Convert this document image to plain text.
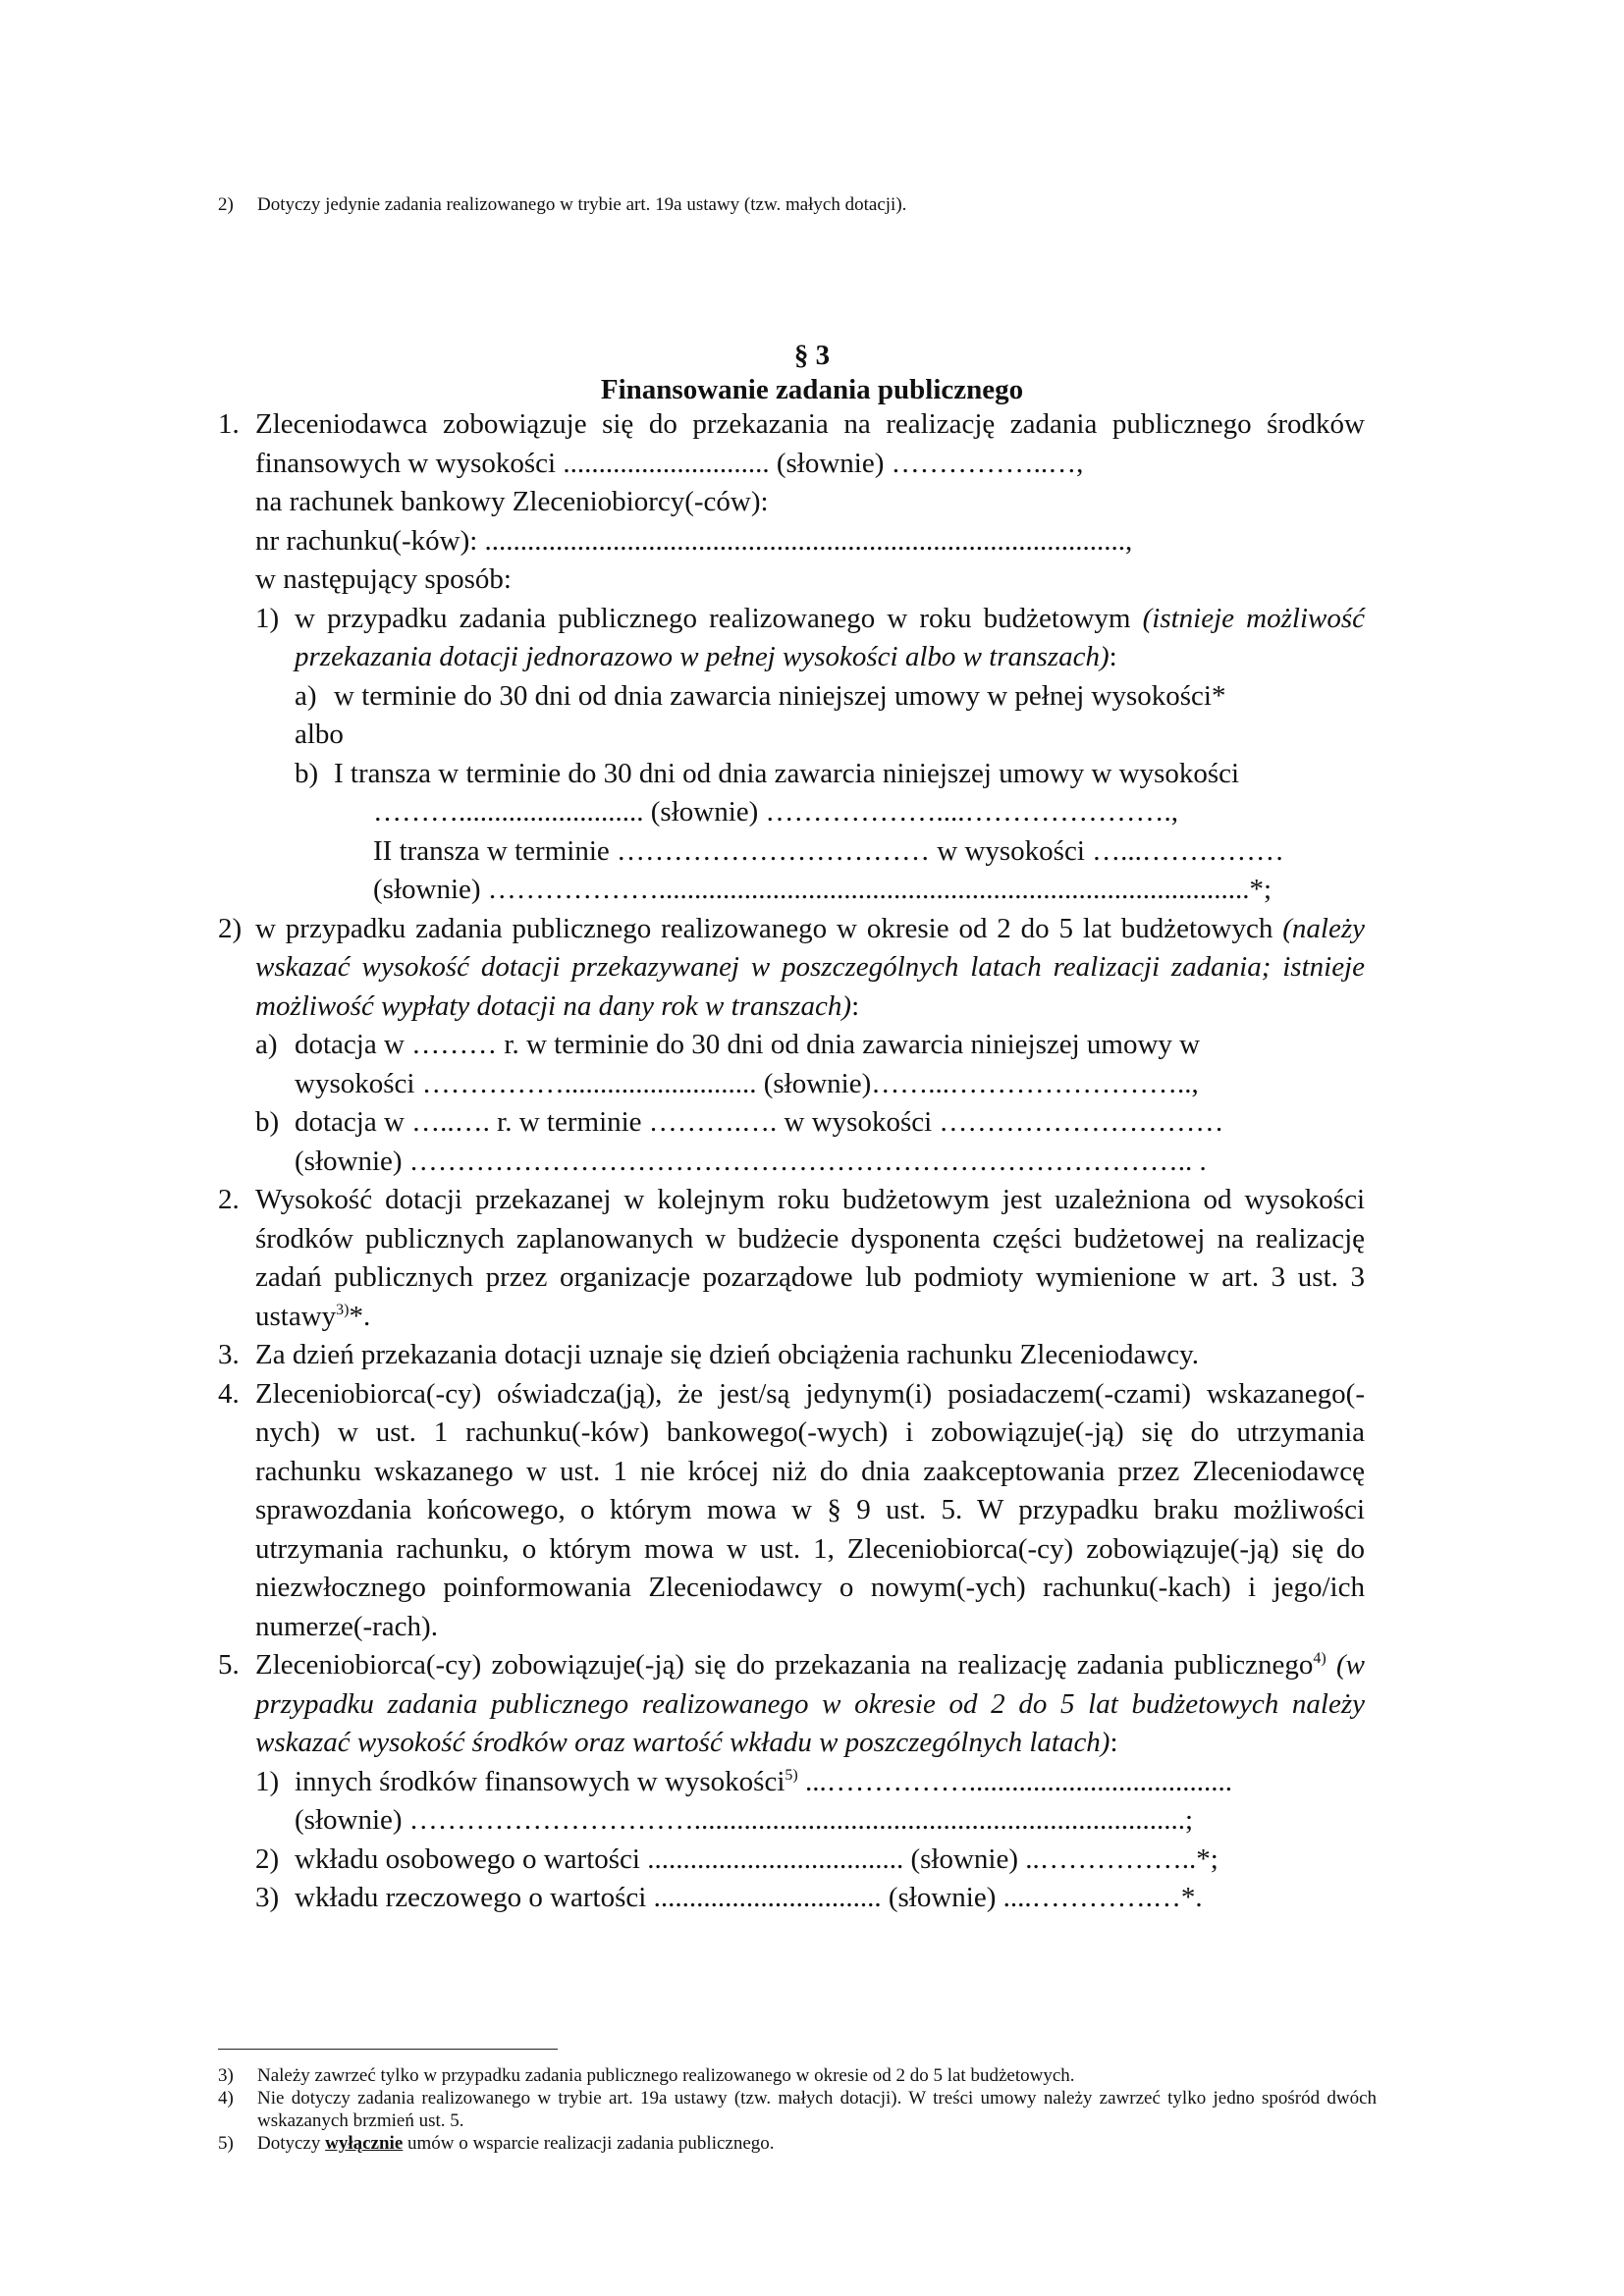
2) Dotyczy jedynie zadania realizowanego w trybie art. 19a ustawy (tzw. małych dotacji).
§ 3
Finansowanie zadania publicznego
1. Zleceniodawca zobowiązuje się do przekazania na realizację zadania publicznego środków finansowych w wysokości ............................. (słownie) ……………..…,
na rachunek bankowy Zleceniobiorcy(-ców):
nr rachunku(-ków): ..........................................................................................,
w następujący sposób:
1) w przypadku zadania publicznego realizowanego w roku budżetowym (istnieje możliwość przekazania dotacji jednorazowo w pełnej wysokości albo w transzach):
a) w terminie do 30 dni od dnia zawarcia niniejszej umowy w pełnej wysokości*
albo
b) I transza w terminie do 30 dni od dnia zawarcia niniejszej umowy w wysokości
……….......................... (słownie) ………………....………………….,
II transza w terminie …………………………… w wysokości …...……………
(słownie) ………………...................................................................................*;
2) w przypadku zadania publicznego realizowanego w okresie od 2 do 5 lat budżetowych (należy wskazać wysokość dotacji przekazywanej w poszczególnych latach realizacji zadania; istnieje możliwość wypłaty dotacji na dany rok w transzach):
a) dotacja w ……… r. w terminie do 30 dni od dnia zawarcia niniejszej umowy w
wysokości ……………........................... (słownie)……...……………………..,
b) dotacja w …..…. r. w terminie ……….…. w wysokości …………………………
(słownie) ……………………………………………………………………….. .
2. Wysokość dotacji przekazanej w kolejnym roku budżetowym jest uzależniona od wysokości środków publicznych zaplanowanych w budżecie dysponenta części budżetowej na realizację zadań publicznych przez organizacje pozarządowe lub podmioty wymienione w art. 3 ust. 3 ustawy$^{3)}$*.
3. Za dzień przekazania dotacji uznaje się dzień obciążenia rachunku Zleceniodawcy.
4. Zleceniobiorca(-cy) oświadcza(ją), że jest/są jedynym(i) posiadaczem(-czami) wskazanego(-nych) w ust. 1 rachunku(-ków) bankowego(-wych) i zobowiązuje(-ją) się do utrzymania rachunku wskazanego w ust. 1 nie krócej niż do dnia zaakceptowania przez Zleceniodawcę sprawozdania końcowego, o którym mowa w § 9 ust. 5. W przypadku braku możliwości utrzymania rachunku, o którym mowa w ust. 1, Zleceniobiorca(-cy) zobowiązuje(-ją) się do niezwłocznego poinformowania Zleceniodawcy o nowym(-ych) rachunku(-kach) i jego/ich numerze(-rach).
5. Zleceniobiorca(-cy) zobowiązuje(-ją) się do przekazania na realizację zadania publicznego$^{4)}$ (w przypadku zadania publicznego realizowanego w okresie od 2 do 5 lat budżetowych należy wskazać wysokość środków oraz wartość wkładu w poszczególnych latach):
1) innych środków finansowych w wysokości$^{5)}$ ...…………….....................................
(słownie) ………………………….....................................................................;
2) wkładu osobowego o wartości .................................... (słownie) ..……………..*;
3) wkładu rzeczowego o wartości ................................ (słownie) ....………….…*.
3)	Należy zawrzeć tylko w przypadku zadania publicznego realizowanego w okresie od 2 do 5 lat budżetowych.
4)	Nie dotyczy zadania realizowanego w trybie art. 19a ustawy (tzw. małych dotacji). W treści umowy należy zawrzeć tylko jedno spośród dwóch wskazanych brzmień ust. 5.
5)	Dotyczy wyłącznie umów o wsparcie realizacji zadania publicznego.
